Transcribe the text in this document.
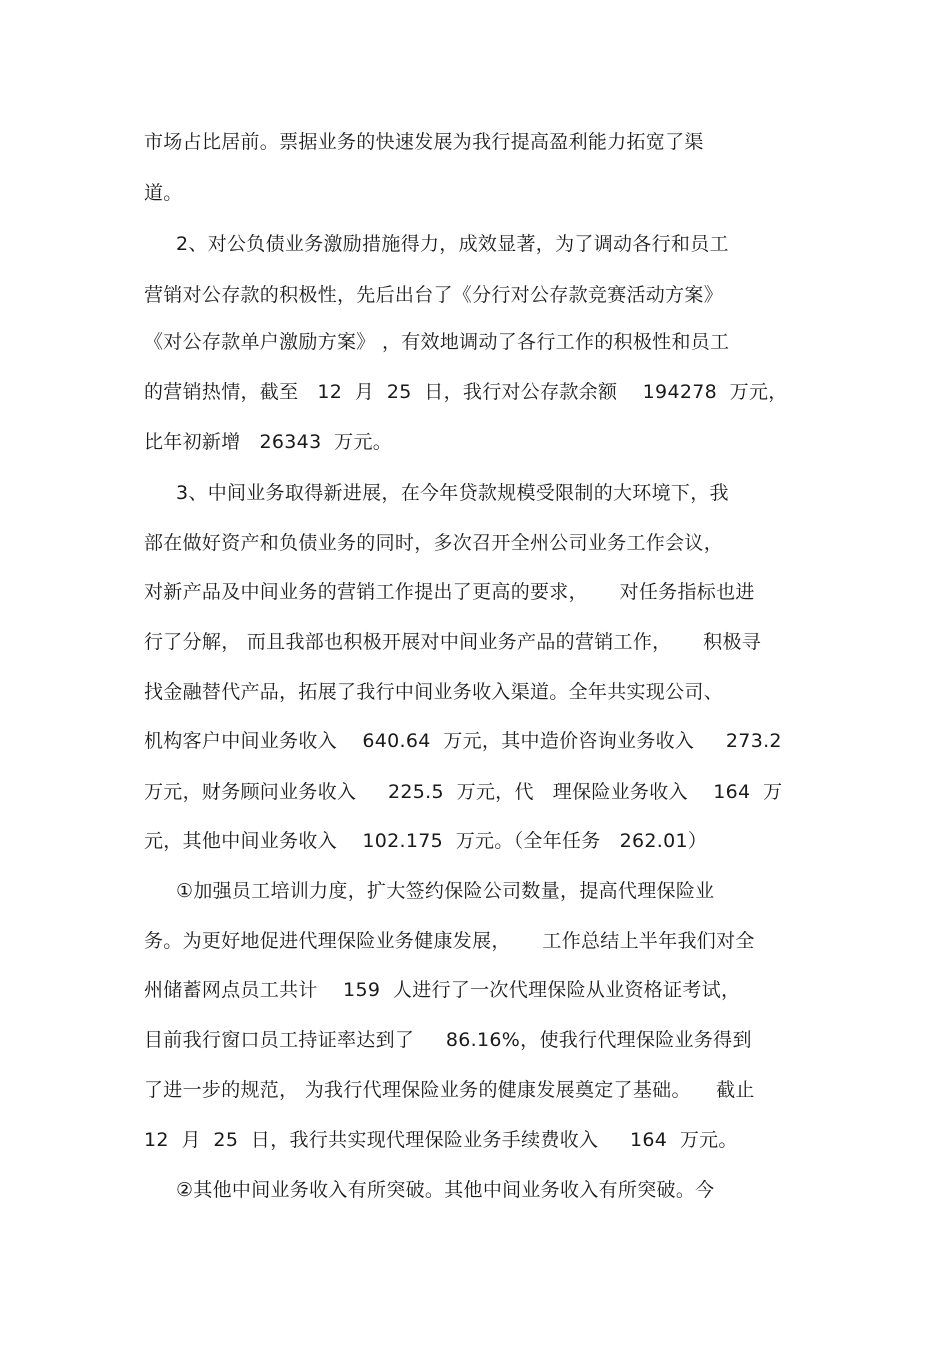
市场占比居前。票据业务的快速发展为我行提高盈利能力拓宽了渠
道。
2、对公负债业务激励措施得力，成效显著，为了调动各行和员工
营销对公存款的积极性，先后出台了《分行对公存款竞赛活动方案》
《对公存款单户激励方案》 ，有效地调动了各行工作的积极性和员工
的营销热情，截至   12  月  25  日，我行对公存款余额    194278  万元，
比年初新增   26343  万元。
3、中间业务取得新进展，在今年贷款规模受限制的大环境下，我
部在做好资产和负债业务的同时，多次召开全州公司业务工作会议，
对新产品及中间业务的营销工作提出了更高的要求，     对任务指标也进
行了分解， 而且我部也积极开展对中间业务产品的营销工作，     积极寻
找金融替代产品，拓展了我行中间业务收入渠道。全年共实现公司、
机构客户中间业务收入    640.64  万元，其中造价咨询业务收入     273.2
万元，财务顾问业务收入     225.5  万元，代   理保险业务收入    164  万
元，其他中间业务收入    102.175  万元。（全年任务   262.01）
①加强员工培训力度，扩大签约保险公司数量，提高代理保险业
务。为更好地促进代理保险业务健康发展，     工作总结上半年我们对全
州储蓄网点员工共计    159  人进行了一次代理保险从业资格证考试，
目前我行窗口员工持证率达到了     86.16%，使我行代理保险业务得到
了进一步的规范， 为我行代理保险业务的健康发展奠定了基础。    截止
12  月  25  日，我行共实现代理保险业务手续费收入     164  万元。
②其他中间业务收入有所突破。其他中间业务收入有所突破。今
